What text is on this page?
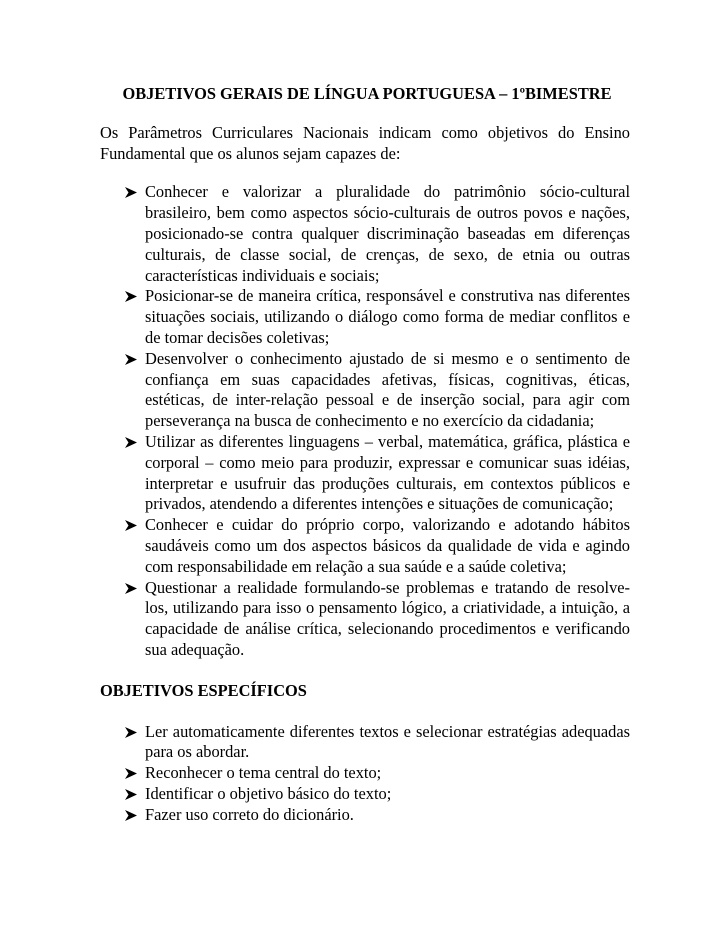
OBJETIVOS GERAIS DE LÍNGUA PORTUGUESA – 1ºBIMESTRE
Os Parâmetros Curriculares Nacionais indicam como objetivos do Ensino Fundamental que os alunos sejam capazes de:
Conhecer e valorizar a pluralidade do patrimônio sócio-cultural brasileiro, bem como aspectos sócio-culturais de outros povos e nações, posicionado-se contra qualquer discriminação baseadas em diferenças culturais, de classe social, de crenças, de sexo, de etnia ou outras características individuais e sociais;
Posicionar-se de maneira crítica, responsável e construtiva nas diferentes situações sociais, utilizando o diálogo como forma de mediar conflitos e de tomar decisões coletivas;
Desenvolver o conhecimento ajustado de si mesmo e o sentimento de confiança em suas capacidades afetivas, físicas, cognitivas, éticas, estéticas, de inter-relação pessoal e de inserção social, para agir com perseverança na busca de conhecimento e no exercício da cidadania;
Utilizar as diferentes linguagens – verbal, matemática, gráfica, plástica e corporal – como meio para produzir, expressar e comunicar suas idéias, interpretar e usufruir das produções culturais, em contextos públicos e privados, atendendo a diferentes intenções e situações de comunicação;
Conhecer e cuidar do próprio corpo, valorizando e adotando hábitos saudáveis como um dos aspectos básicos da qualidade de vida e agindo com responsabilidade em relação a sua saúde e a saúde coletiva;
Questionar a realidade formulando-se problemas e tratando de resolve-los, utilizando para isso o pensamento lógico, a criatividade, a intuição, a capacidade de análise crítica, selecionando procedimentos e verificando sua adequação.
OBJETIVOS ESPECÍFICOS
Ler automaticamente diferentes textos e selecionar estratégias adequadas para os abordar.
Reconhecer o tema central do texto;
Identificar o objetivo básico do texto;
Fazer uso correto do dicionário.
